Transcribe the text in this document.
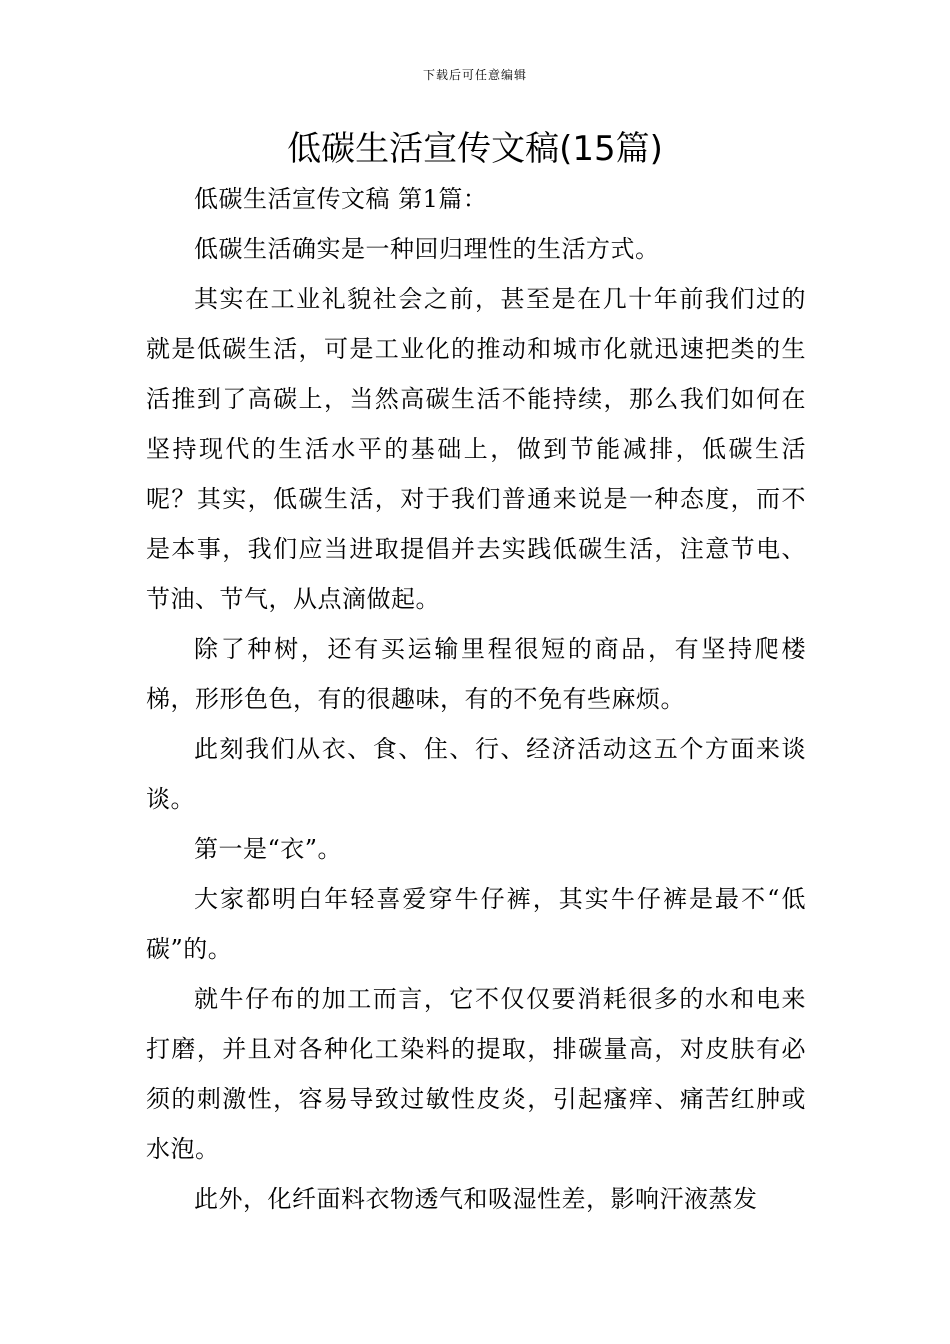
下载后可任意编辑
低碳生活宣传文稿(15篇)

低碳生活宣传文稿 第1篇：

低碳生活确实是一种回归理性的生活方式。

其实在工业礼貌社会之前，甚至是在几十年前我们过的就是低碳生活，可是工业化的推动和城市化就迅速把类的生活推到了高碳上，当然高碳生活不能持续，那么我们如何在坚持现代的生活水平的基础上，做到节能减排，低碳生活呢？其实，低碳生活，对于我们普通来说是一种态度，而不是本事，我们应当进取提倡并去实践低碳生活，注意节电、节油、节气，从点滴做起。

除了种树，还有买运输里程很短的商品，有坚持爬楼梯，形形色色，有的很趣味，有的不免有些麻烦。

此刻我们从衣、食、住、行、经济活动这五个方面来谈谈。

第一是“衣”。

大家都明白年轻喜爱穿牛仔裤，其实牛仔裤是最不“低碳”的。

就牛仔布的加工而言，它不仅仅要消耗很多的水和电来打磨，并且对各种化工染料的提取，排碳量高，对皮肤有必须的刺激性，容易导致过敏性皮炎，引起瘙痒、痛苦红肿或水泡。

此外，化纤面料衣物透气和吸湿性差，影响汗液蒸发
